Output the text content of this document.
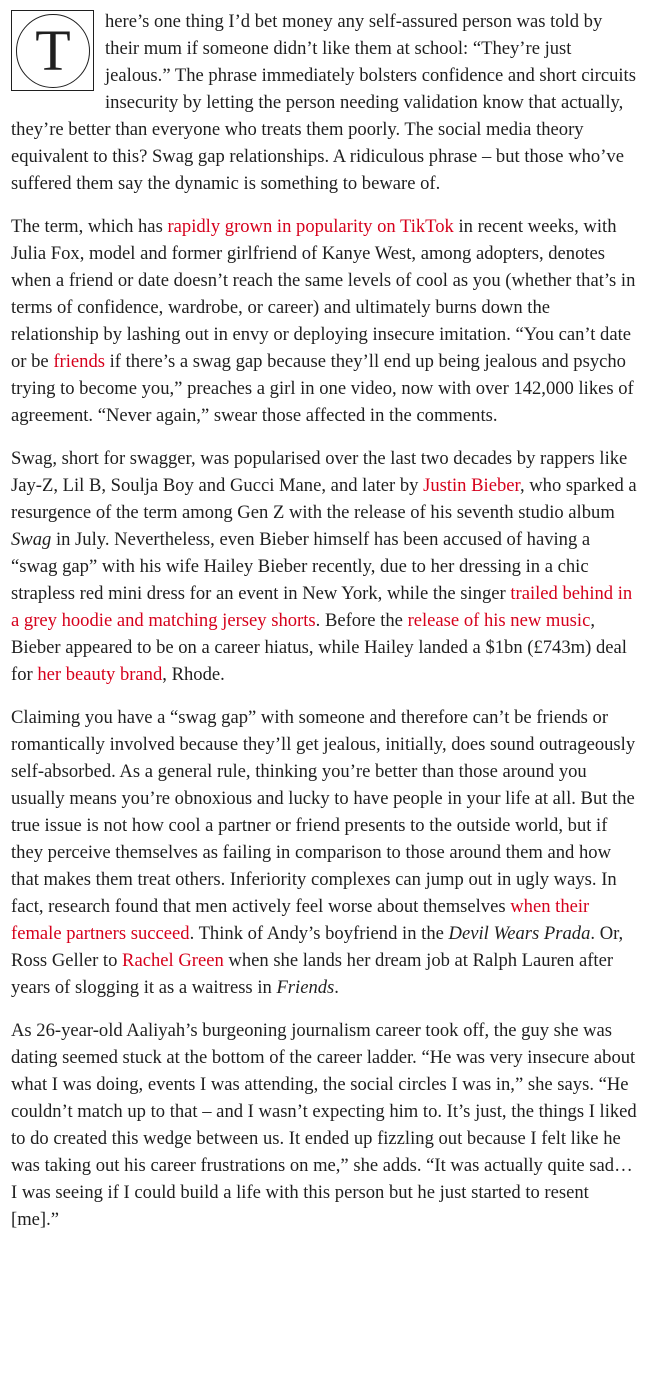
T	here’s one thing I’d bet money any self-assured person was told by their mum if someone didn’t like them at school: “They’re just jealous.” The phrase immediately bolsters confidence and short circuits insecurity by letting the person needing validation know that actually, they’re better than everyone who treats them poorly. The social media theory equivalent to this? Swag gap relationships. A ridiculous phrase – but those who’ve suffered them say the dynamic is something to beware of.

The term, which has rapidly grown in popularity on TikTok in recent weeks, with Julia Fox, model and former girlfriend of Kanye West, among adopters, denotes when a friend or date doesn’t reach the same levels of cool as you (whether that’s in terms of confidence, wardrobe, or career) and ultimately burns down the relationship by lashing out in envy or deploying insecure imitation. “You can’t date or be friends if there’s a swag gap because they’ll end up being jealous and psycho trying to become you,” preaches a girl in one video, now with over 142,000 likes of agreement. “Never again,” swear those affected in the comments.

Swag, short for swagger, was popularised over the last two decades by rappers like Jay-Z, Lil B, Soulja Boy and Gucci Mane, and later by Justin Bieber, who sparked a resurgence of the term among Gen Z with the release of his seventh studio album Swag in July. Nevertheless, even Bieber himself has been accused of having a “swag gap” with his wife Hailey Bieber recently, due to her dressing in a chic strapless red mini dress for an event in New York, while the singer trailed behind in a grey hoodie and matching jersey shorts. Before the release of his new music, Bieber appeared to be on a career hiatus, while Hailey landed a $1bn (£743m) deal for her beauty brand, Rhode.

Claiming you have a “swag gap” with someone and therefore can’t be friends or romantically involved because they’ll get jealous, initially, does sound outrageously self-absorbed. As a general rule, thinking you’re better than those around you usually means you’re obnoxious and lucky to have people in your life at all. But the true issue is not how cool a partner or friend presents to the outside world, but if they perceive themselves as failing in comparison to those around them and how that makes them treat others. Inferiority complexes can jump out in ugly ways. In fact, research found that men actively feel worse about themselves when their female partners succeed. Think of Andy’s boyfriend in the Devil Wears Prada. Or, Ross Geller to Rachel Green when she lands her dream job at Ralph Lauren after years of slogging it as a waitress in Friends.

As 26-year-old Aaliyah’s burgeoning journalism career took off, the guy she was dating seemed stuck at the bottom of the career ladder. “He was very insecure about what I was doing, events I was attending, the social circles I was in,” she says. “He couldn’t match up to that – and I wasn’t expecting him to. It’s just, the things I liked to do created this wedge between us. It ended up fizzling out because I felt like he was taking out his career frustrations on me,” she adds. “It was actually quite sad… I was seeing if I could build a life with this person but he just started to resent [me].”
